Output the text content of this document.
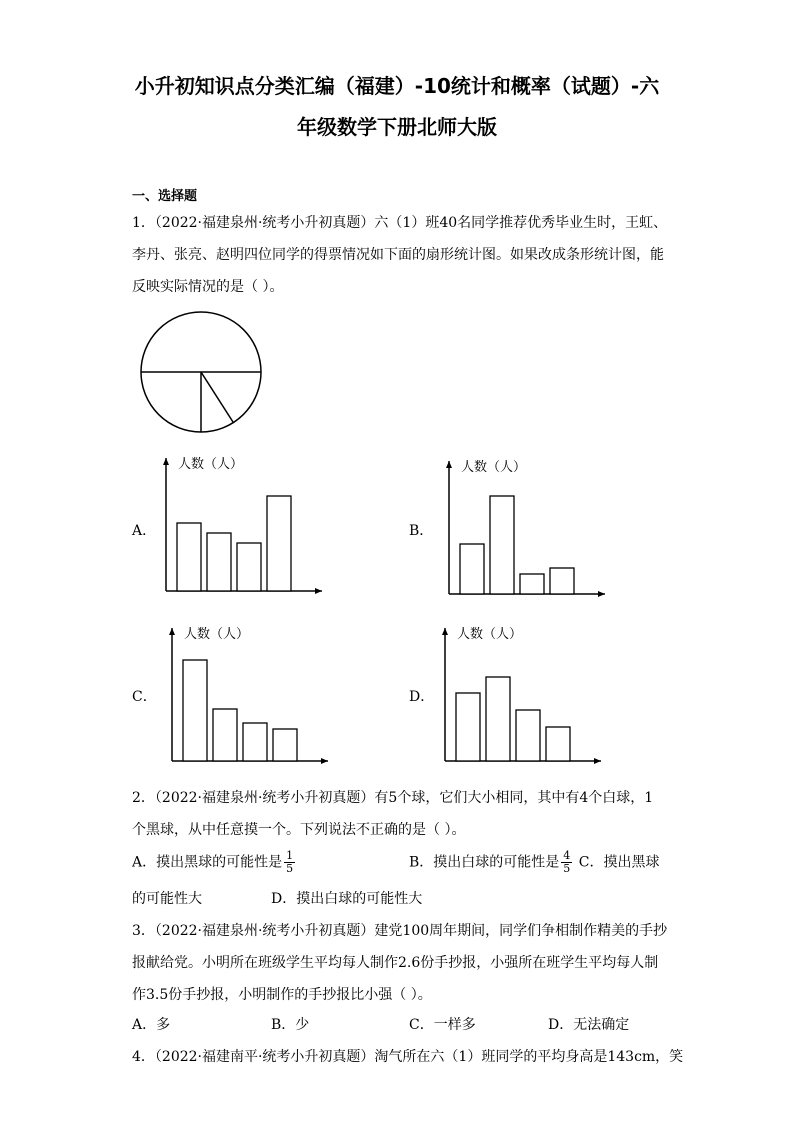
小升初知识点分类汇编（福建）-10统计和概率（试题）-六
年级数学下册北师大版
一、选择题
1．（2022·福建泉州·统考小升初真题）六（1）班40名同学推荐优秀毕业生时，王虹、
李丹、张亮、赵明四位同学的得票情况如下面的扇形统计图。如果改成条形统计图，能
反映实际情况的是（ ）。
A．	B．
C．	D．
人数（人）	人数（人）
人数（人）	人数（人）
2．（2022·福建泉州·统考小升初真题）有5个球，它们大小相同，其中有4个白球，1
个黑球，从中任意摸一个。下列说法不正确的是（ ）。
A．摸出黑球的可能性是 $\frac{1}{5}$	B．摸出白球的可能性是 $\frac{4}{5}$ C．摸出黑球
的可能性大	D．摸出白球的可能性大
3．（2022·福建泉州·统考小升初真题）建党100周年期间，同学们争相制作精美的手抄
报献给党。小明所在班级学生平均每人制作2.6份手抄报，小强所在班学生平均每人制
作3.5份手抄报，小明制作的手抄报比小强（ ）。
A．多	B．少	C．一样多	D．无法确定
4．（2022·福建南平·统考小升初真题）淘气所在六（1）班同学的平均身高是143cm，笑
